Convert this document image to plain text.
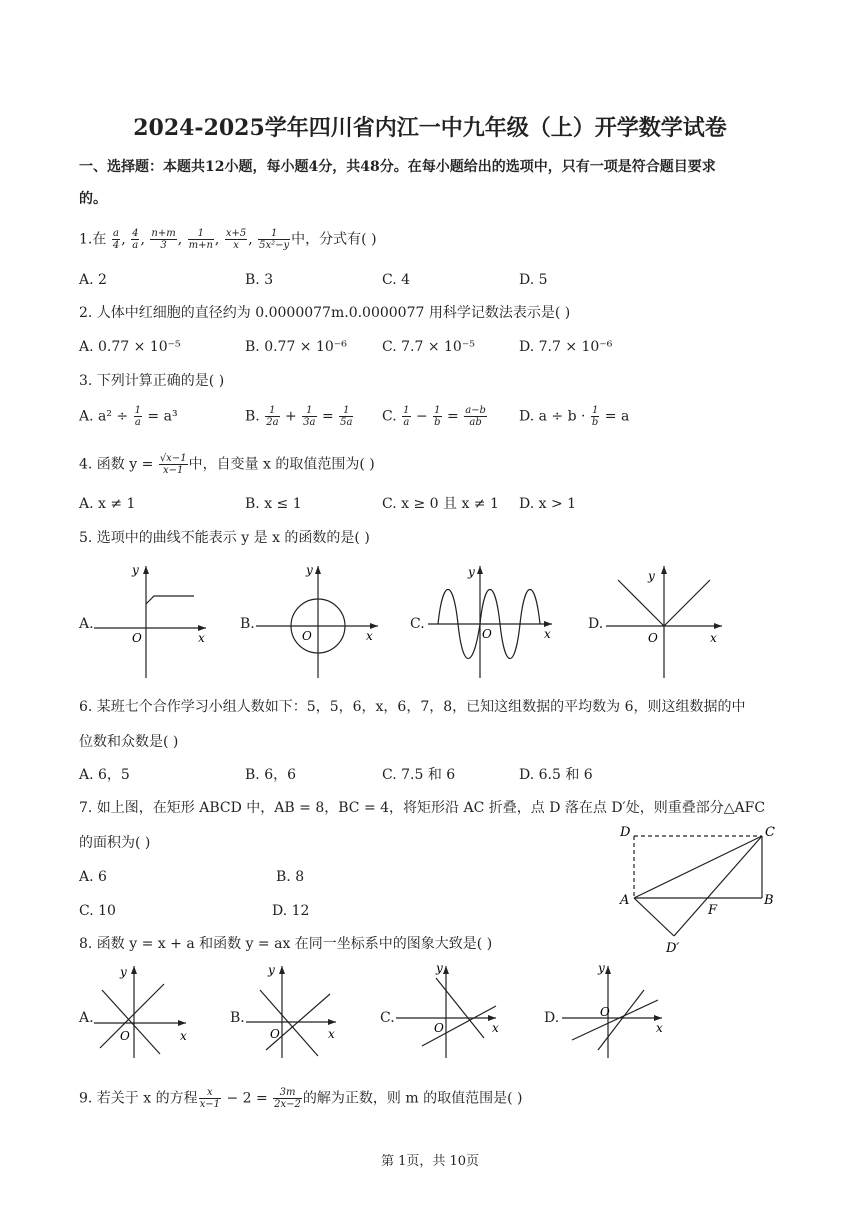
2024-2025学年四川省内江一中九年级（上）开学数学试卷
一、选择题：本题共12小题，每小题4分，共48分。在每小题给出的选项中，只有一项是符合题目要求
的。
1.在 $\frac{a}{4}$ , $\frac{4}{a}$ , $\frac{n+m}{3}$ , $\frac{1}{m+n}$ , $\frac{x+5}{x}$ , $\frac{1}{\text{5x²−y}}$ 中，分式有( )
A. 2	B. 3	C. 4	D. 5
2. 人体中红细胞的直径约为 0.0000077m.0.0000077 用科学记数法表示是( )
A. 0.77 × 10⁻⁵	B. 0.77 × 10⁻⁶	C. 7.7 × 10⁻⁵	D. 7.7 × 10⁻⁶
3. 下列计算正确的是( )
A. $a^2 \div \frac{1}{a} = a^3$	B. $\frac{1}{2a} + \frac{1}{3a} = \frac{1}{5a} C$. $\frac{1}{a} - \frac{1}{b} = \frac{a-b}{ab} D$. $a \div b \cdot \frac{1}{b} = a$
4. 函数 $y = \frac{√x-1}{x-1}$ 中，自变量 x 的取值范围为( )
A. x ≠ 1	B. x ≤ 1	C. x ≥ 0 且 x ≠ 1 D. x > 1
5. 选项中的曲线不能表示 y 是 x 的函数的是( )
A.
y
x
O
B.
y
x
O
C.
y
x
O
D.
y
x
O
6. 某班七个合作学习小组人数如下：5，5，6，x，6，7，8，已知这组数据的平均数为 6，则这组数据的中
位数和众数是( )
A. 6，5	B. 6，6	C. 7.5 和 6	D. 6.5 和 6
7. 如上图，在矩形 ABCD 中，AB = 8，BC = 4，将矩形沿 AC 折叠，点 D 落在点 D′处，则重叠部分△AFC
的面积为( )
A. 6	B. 8
C. 10	D. 12
D	C
A	B
F
D′
8. 函数 y = x + a 和函数 y = ax 在同一坐标系中的图象大致是( )
A.
y
x
O
B.
y
x
O
C.
y
x
O
D.
y
x
O
9. 若关于 x 的方程 $\frac{x}{x-1} - 2 = \frac{3m}{2x-2}$ 的解为正数，则 m 的取值范围是( )
第 1页，共 10页
